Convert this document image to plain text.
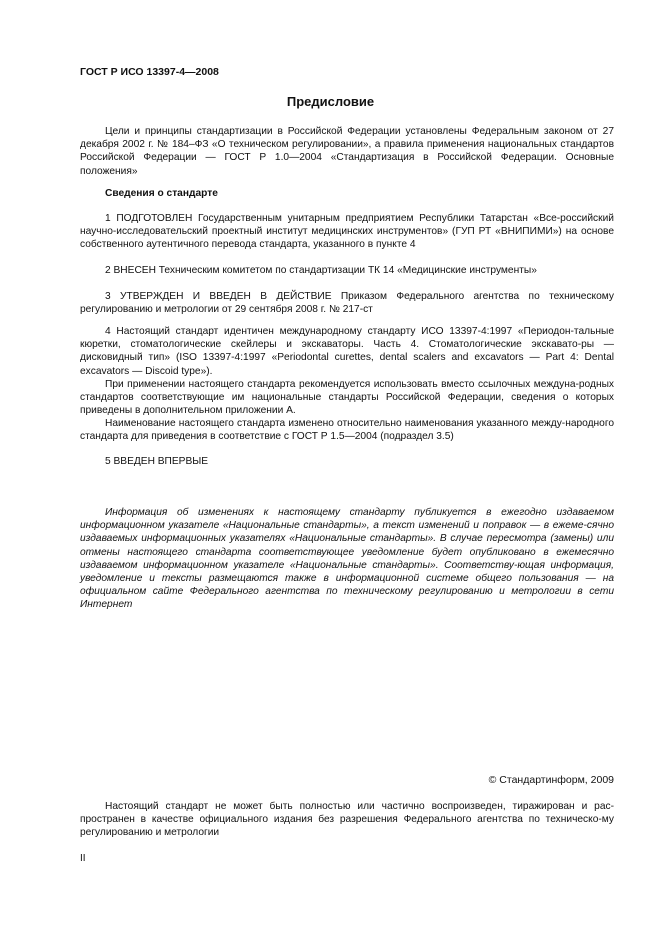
ГОСТ Р ИСО 13397-4—2008
Предисловие
Цели и принципы стандартизации в Российской Федерации установлены Федеральным законом от 27 декабря 2002 г. № 184–ФЗ «О техническом регулировании», а правила применения национальных стандартов Российской Федерации — ГОСТ Р 1.0—2004 «Стандартизация в Российской Федерации. Основные положения»
Сведения о стандарте
1 ПОДГОТОВЛЕН Государственным унитарным предприятием Республики Татарстан «Все-российский научно-исследовательский проектный институт медицинских инструментов» (ГУП РТ «ВНИПИМИ») на основе собственного аутентичного перевода стандарта, указанного в пункте 4
2 ВНЕСЕН Техническим комитетом по стандартизации ТК 14 «Медицинские инструменты»
3 УТВЕРЖДЕН И ВВЕДЕН В ДЕЙСТВИЕ Приказом Федерального агентства по техническому регулированию и метрологии от 29 сентября 2008 г. № 217-ст
4 Настоящий стандарт идентичен международному стандарту ИСО 13397-4:1997 «Периодон-тальные кюретки, стоматологические скейлеры и экскаваторы. Часть 4. Стоматологические экскавато-ры — дисковидный тип» (ISO 13397-4:1997 «Periodontal curettes, dental scalers and excavators — Part 4: Dental excavators — Discoid type»).
При применении настоящего стандарта рекомендуется использовать вместо ссылочных междуна-родных стандартов соответствующие им национальные стандарты Российской Федерации, сведения о которых приведены в дополнительном приложении А.
Наименование настоящего стандарта изменено относительно наименования указанного между-народного стандарта для приведения в соответствие с ГОСТ Р 1.5—2004 (подраздел 3.5)
5 ВВЕДЕН ВПЕРВЫЕ
Информация об изменениях к настоящему стандарту публикуется в ежегодно издаваемом информационном указателе «Национальные стандарты», а текст изменений и поправок — в ежеме-сячно издаваемых информационных указателях «Национальные стандарты». В случае пересмотра (замены) или отмены настоящего стандарта соответствующее уведомление будет опубликовано в ежемесячно издаваемом информационном указателе «Национальные стандарты». Соответству-ющая информация, уведомление и тексты размещаются также в информационной системе общего пользования — на официальном сайте Федерального агентства по техническому регулированию и метрологии в сети Интернет
© Стандартинформ, 2009
Настоящий стандарт не может быть полностью или частично воспроизведен, тиражирован и рас-пространен в качестве официального издания без разрешения Федерального агентства по техническо-му регулированию и метрологии
II
